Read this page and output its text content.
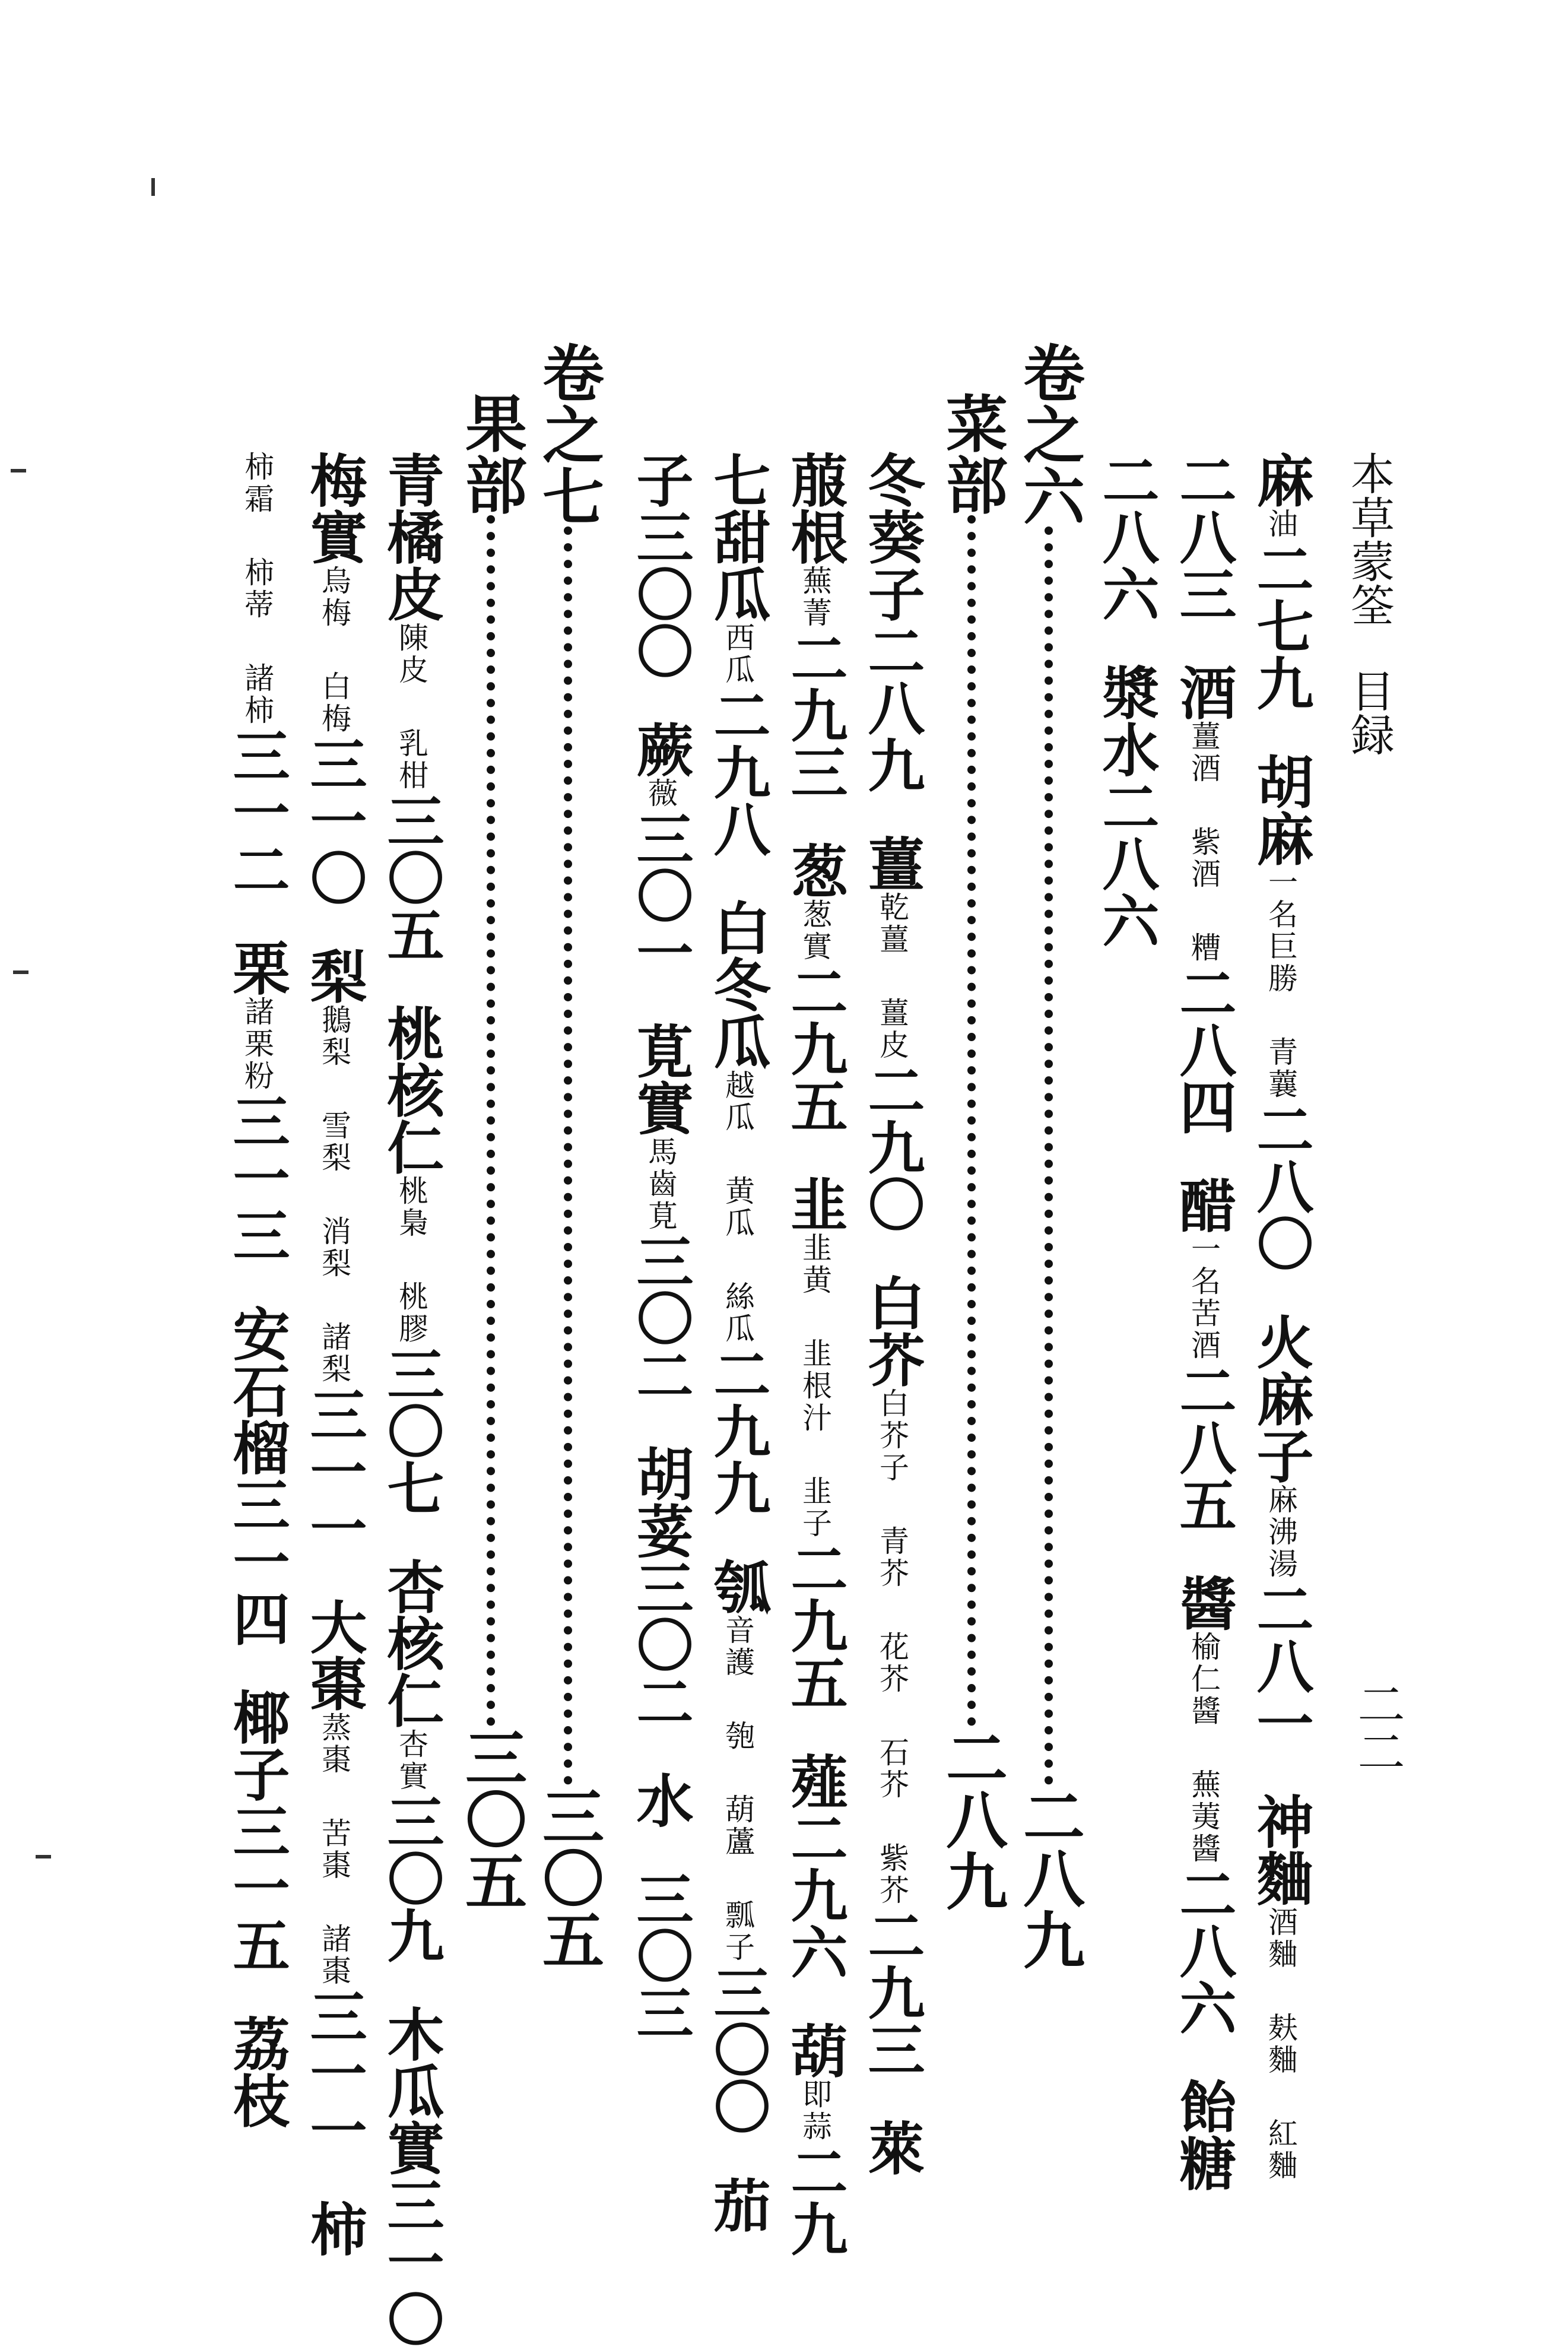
本草蒙筌目録
二二
麻油二七九胡麻一名巨勝青蘘二八〇火麻子麻沸湯二八一神麯酒麯麸麯紅麯
二八三酒薑酒紫酒糟二八四醋一名苦酒二八五醬榆仁醬蕪荑醬二八六飴糖
二八六漿水二八六
卷之六二八九
菜部二八九
冬葵子二八九薑乾薑薑皮二九〇白芥白芥子青芥花芥石芥紫芥二九三萊
菔根蕪菁二九三葱葱實二九五韭韭黄韭根汁韭子二九五薤二九六葫即蒜二九
七甜瓜西瓜二九八白冬瓜越瓜黄瓜絲瓜二九九瓠音護匏葫蘆瓢子三〇〇茄
子三〇〇蕨薇三〇一莧實馬齒莧三〇二胡荽三〇二水三〇三
卷之七三〇五
果部三〇五
青橘皮陳皮乳柑三〇五桃核仁桃梟桃膠三〇七杏核仁杏實三〇九木瓜實三一〇
梅實烏梅白梅三一〇梨鵝梨雪梨消梨諸梨三一一大棗蒸棗苦棗諸棗三一一柿
柿霜柿蒂諸柿三一二栗諸栗粉三一三安石榴三一四椰子三一五荔枝
